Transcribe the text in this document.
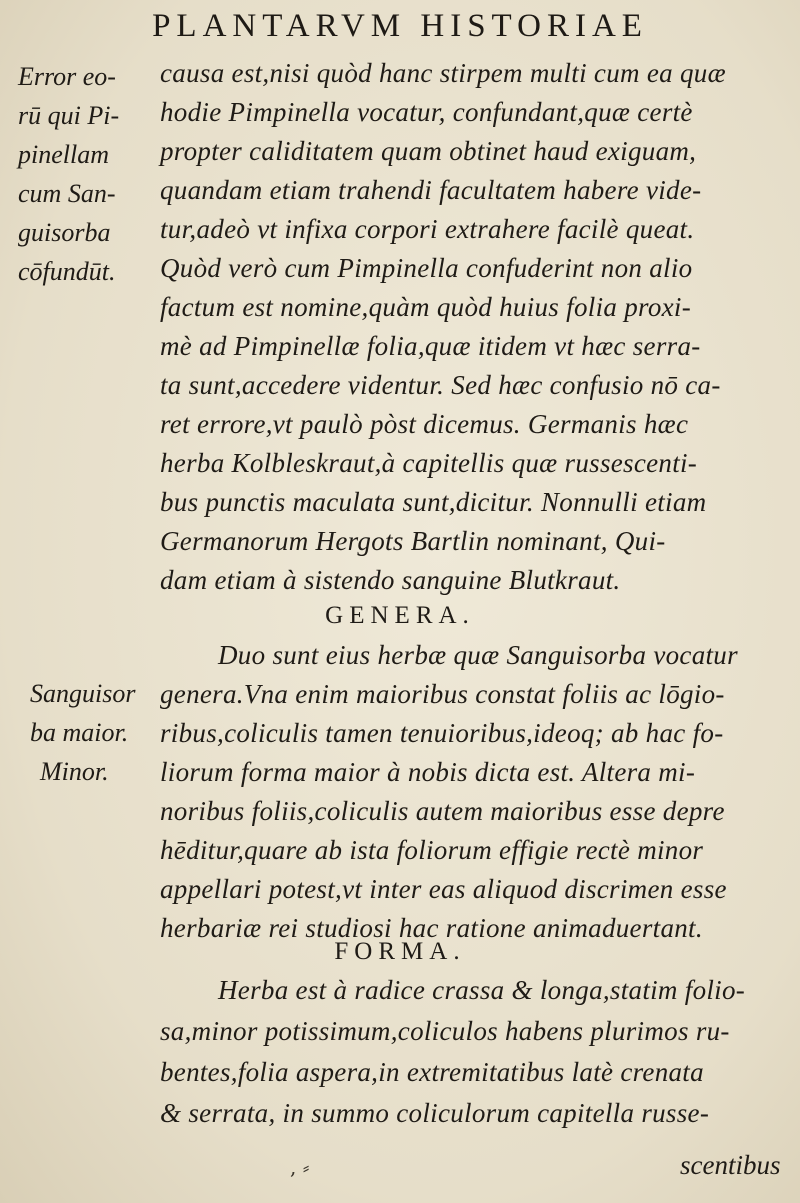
PLANTARVM HISTORIAE
causa est,nisi quòd hanc stirpem multi cum ea quæ
hodie Pimpinella vocatur, confundant,quæ certè
propter caliditatem quam obtinet haud exiguam,
quandam etiam trahendi facultatem habere vide-
tur,adeò vt infixa corpori extrahere facilè queat.
Quòd verò cum Pimpinella confuderint non alio
factum est nomine,quàm quòd huius folia proxi-
mè ad Pimpinellæ folia,quæ itidem vt hæc serra-
ta sunt,accedere videntur. Sed hæc confusio nō ca-
ret errore,vt paulò pòst dicemus. Germanis hæc
herba Kolbleskraut,à capitellis quæ russescenti-
bus punctis maculata sunt,dicitur. Nonnulli etiam
Germanorum Hergots Bartlin nominant, Qui-
dam etiam à sistendo sanguine Blutkraut.
GENERA.
Duo sunt eius herbæ quæ Sanguisorba vocatur
genera.Vna enim maioribus constat foliis ac lōgio-
ribus,coliculis tamen tenuioribus,ideoq; ab hac fo-
liorum forma maior à nobis dicta est. Altera mi-
noribus foliis,coliculis autem maioribus esse depre
hēditur,quare ab ista foliorum effigie rectè minor
appellari potest,vt inter eas aliquod discrimen esse
herbariæ rei studiosi hac ratione animaduertant.
FORMA.
Herba est à radice crassa & longa,statim folio-
sa,minor potissimum,coliculos habens plurimos ru-
bentes,folia aspera,in extremitatibus latè crenata
& serrata, in summo coliculorum capitella russe-
, ⸗	scentibus
Error eo-
rū qui Pi-
pinellam
cum San-
guisorba
cōfundūt.
Sanguisor
ba maior.
Minor.
